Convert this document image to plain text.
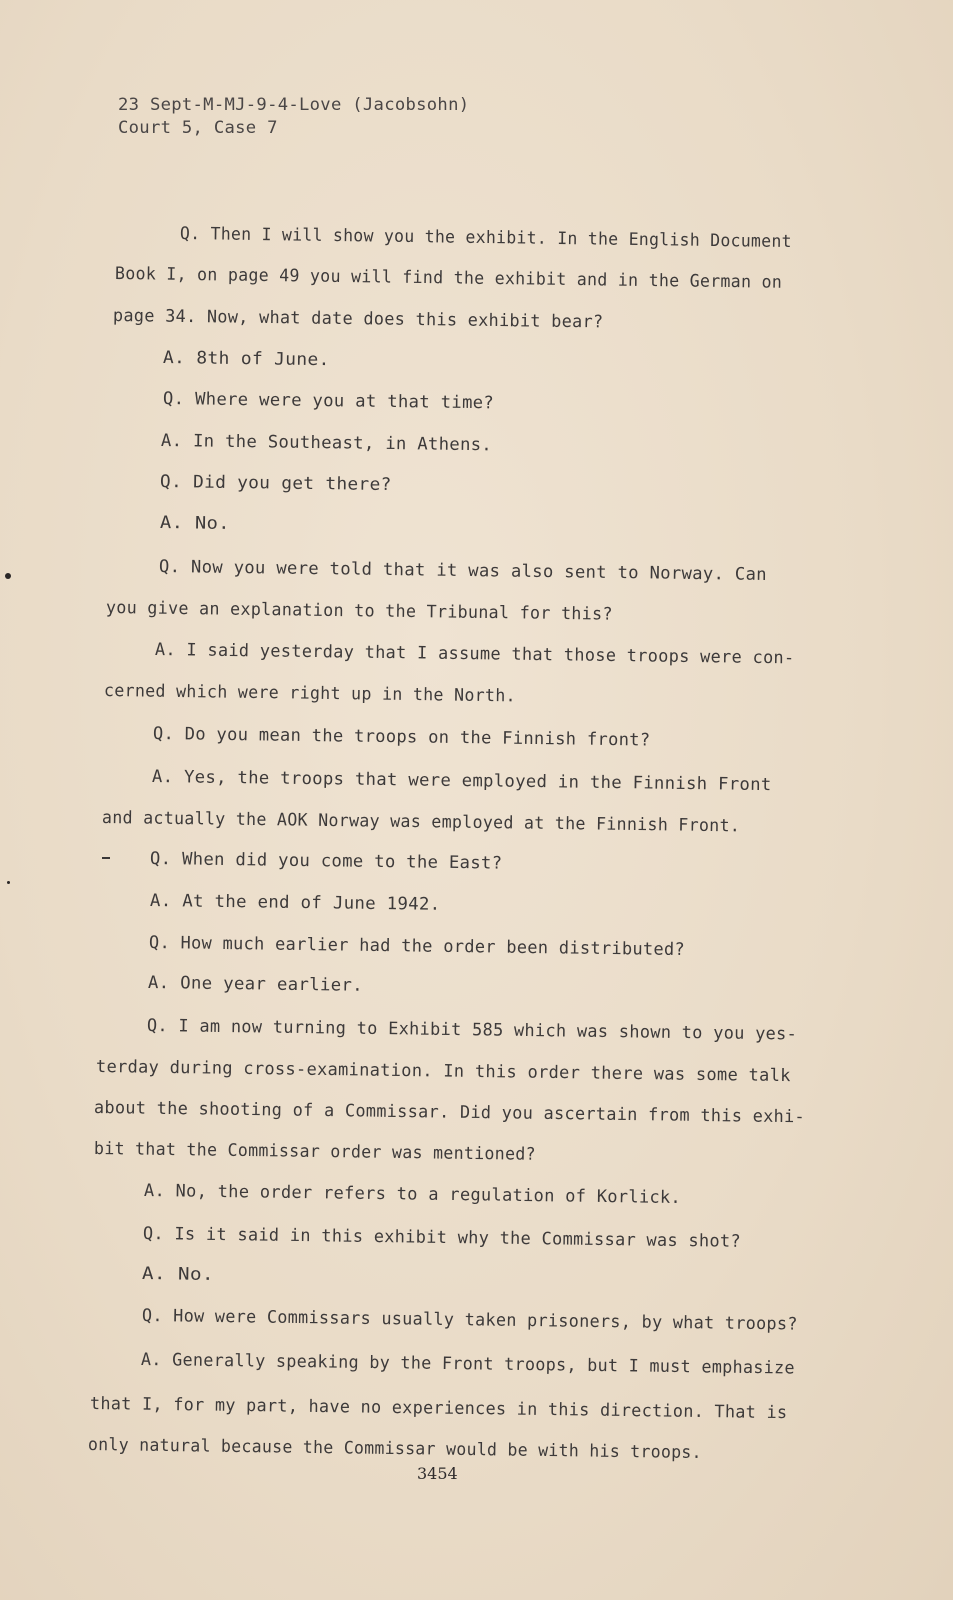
23 Sept-M-MJ-9-4-Love (Jacobsohn)
Court 5, Case 7
Q. Then I will show you the exhibit. In the English Document
Book I, on page 49 you will find the exhibit and in the German on
page 34. Now, what date does this exhibit bear?
A. 8th of June.
Q. Where were you at that time?
A. In the Southeast, in Athens.
Q. Did you get there?
A. No.
Q. Now you were told that it was also sent to Norway. Can
you give an explanation to the Tribunal for this?
A. I said yesterday that I assume that those troops were con-
cerned which were right up in the North.
Q. Do you mean the troops on the Finnish front?
A. Yes, the troops that were employed in the Finnish Front
and actually the AOK Norway was employed at the Finnish Front.
Q. When did you come to the East?
A. At the end of June 1942.
Q. How much earlier had the order been distributed?
A. One year earlier.
Q. I am now turning to Exhibit 585 which was shown to you yes-
terday during cross-examination. In this order there was some talk
about the shooting of a Commissar. Did you ascertain from this exhi-
bit that the Commissar order was mentioned?
A. No, the order refers to a regulation of Korlick.
Q. Is it said in this exhibit why the Commissar was shot?
A. No.
Q. How were Commissars usually taken prisoners, by what troops?
A. Generally speaking by the Front troops, but I must emphasize
that I, for my part, have no experiences in this direction. That is
only natural because the Commissar would be with his troops.
3454
